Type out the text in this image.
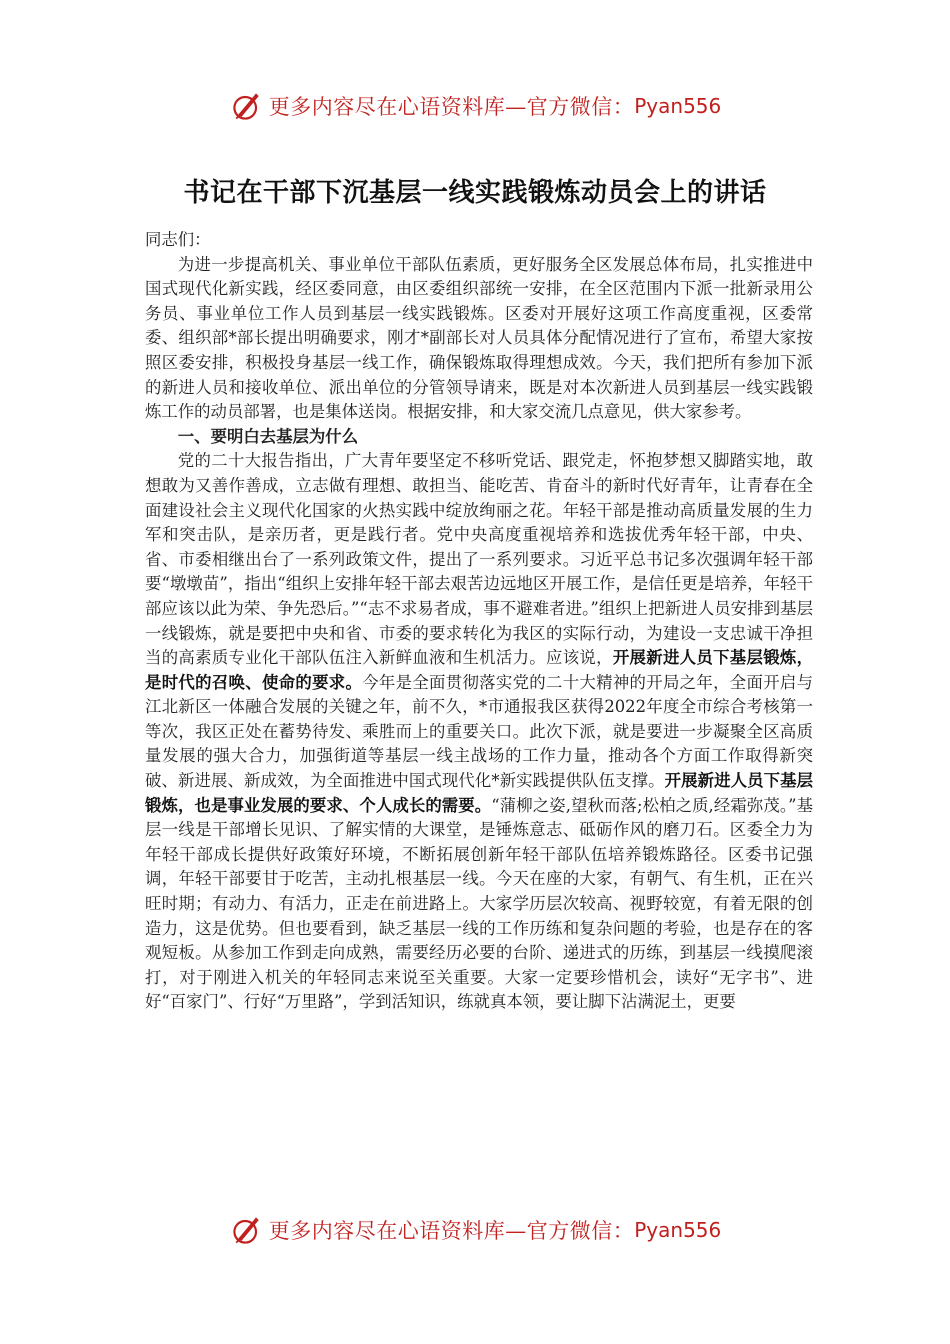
更多内容尽在心语资料库—官方微信： Pyan556
书记在干部下沉基层一线实践锻炼动员会上的讲话

同志们：

为进一步提高机关、事业单位干部队伍素质，更好服务全区发展总体布局，扎实推进中国式现代化新实践，经区委同意，由区委组织部统一安排，在全区范围内下派一批新录用公务员、事业单位工作人员到基层一线实践锻炼。区委对开展好这项工作高度重视，区委常委、组织部*部长提出明确要求，刚才*副部长对人员具体分配情况进行了宣布，希望大家按照区委安排，积极投身基层一线工作，确保锻炼取得理想成效。今天，我们把所有参加下派的新进人员和接收单位、派出单位的分管领导请来，既是对本次新进人员到基层一线实践锻炼工作的动员部署，也是集体送岗。根据安排，和大家交流几点意见，供大家参考。

一、要明白去基层为什么

党的二十大报告指出，广大青年要坚定不移听党话、跟党走，怀抱梦想又脚踏实地，敢想敢为又善作善成，立志做有理想、敢担当、能吃苦、肯奋斗的新时代好青年，让青春在全面建设社会主义现代化国家的火热实践中绽放绚丽之花。年轻干部是推动高质量发展的生力军和突击队，是亲历者，更是践行者。党中央高度重视培养和选拔优秀年轻干部，中央、省、市委相继出台了一系列政策文件，提出了一系列要求。习近平总书记多次强调年轻干部要“墩墩苗”，指出“组织上安排年轻干部去艰苦边远地区开展工作，是信任更是培养，年轻干部应该以此为荣、争先恐后。”“志不求易者成，事不避难者进。”组织上把新进人员安排到基层一线锻炼，就是要把中央和省、市委的要求转化为我区的实际行动，为建设一支忠诚干净担当的高素质专业化干部队伍注入新鲜血液和生机活力。应该说，开展新进人员下基层锻炼，是时代的召唤、使命的要求。今年是全面贯彻落实党的二十大精神的开局之年，全面开启与江北新区一体融合发展的关键之年，前不久，*市通报我区获得2022年度全市综合考核第一等次，我区正处在蓄势待发、乘胜而上的重要关口。此次下派，就是要进一步凝聚全区高质量发展的强大合力，加强街道等基层一线主战场的工作力量，推动各个方面工作取得新突破、新进展、新成效，为全面推进中国式现代化*新实践提供队伍支撑。开展新进人员下基层锻炼，也是事业发展的要求、个人成长的需要。“蒲柳之姿,望秋而落;松柏之质,经霜弥茂。”基层一线是干部增长见识、了解实情的大课堂，是锤炼意志、砥砺作风的磨刀石。区委全力为年轻干部成长提供好政策好环境，不断拓展创新年轻干部队伍培养锻炼路径。区委书记强调，年轻干部要甘于吃苦，主动扎根基层一线。今天在座的大家，有朝气、有生机，正在兴旺时期；有动力、有活力，正走在前进路上。大家学历层次较高、视野较宽，有着无限的创造力，这是优势。但也要看到，缺乏基层一线的工作历练和复杂问题的考验，也是存在的客观短板。从参加工作到走向成熟，需要经历必要的台阶、递进式的历练，到基层一线摸爬滚打，对于刚进入机关的年轻同志来说至关重要。大家一定要珍惜机会，读好“无字书”、进好“百家门”、行好“万里路”，学到活知识，练就真本领，要让脚下沾满泥土，更要

更多内容尽在心语资料库—官方微信： Pyan556
